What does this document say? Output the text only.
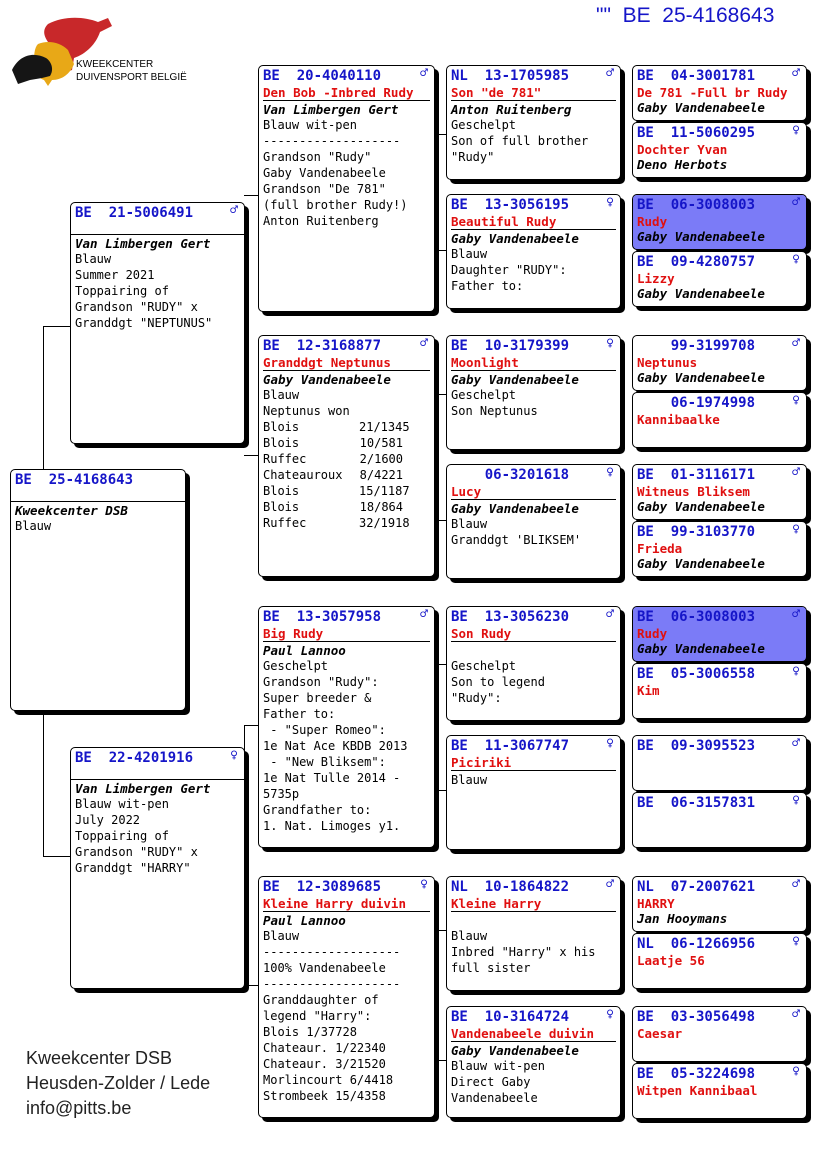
""  BE  25-4168643
KWEEKCENTER
DUIVENSPORT BELGIË
BE  25-4168643
Kweekcenter DSB
Blauw
BE  21-5006491	♂
Van Limbergen Gert
Blauw
Summer 2021
Toppairing of
Grandson "RUDY" x
Granddgt "NEPTUNUS"
BE  22-4201916	♀
Van Limbergen Gert
Blauw wit-pen
July 2022
Toppairing of
Grandson "RUDY" x
Granddgt "HARRY"
BE  20-4040110	♂
Den Bob -Inbred Rudy
Van Limbergen Gert
Blauw wit-pen
-------------------
Grandson "Rudy"
Gaby Vandenabeele
Grandson "De 781"
(full brother Rudy!)
Anton Ruitenberg
BE  12-3168877	♂
Granddgt Neptunus
Gaby Vandenabeele
Blauw
Neptunus won
Blois	21/1345
Blois	10/581
Ruffec	2/1600
Chateauroux	8/4221
Blois	15/1187
Blois	18/864
Ruffec	32/1918
BE  13-3057958	♂
Big Rudy
Paul Lannoo
Geschelpt
Grandson "Rudy":
Super breeder &
Father to:
- "Super Romeo":
1e Nat Ace KBDB 2013
- "New Bliksem":
1e Nat Tulle 2014 -
5735p
Grandfather to:
1. Nat. Limoges y1.
BE  12-3089685	♀
Kleine Harry duivin
Paul Lannoo
Blauw
-------------------
100% Vandenabeele
-------------------
Granddaughter of
legend "Harry":
Blois 1/37728
Chateaur. 1/22340
Chateaur. 3/21520
Morlincourt 6/4418
Strombeek 15/4358
NL  13-1705985	♂
Son "de 781"
Anton Ruitenberg
Geschelpt
Son of full brother
"Rudy"
BE  13-3056195	♀
Beautiful Rudy
Gaby Vandenabeele
Blauw
Daughter "RUDY":
Father to:
BE  10-3179399	♀
Moonlight
Gaby Vandenabeele
Geschelpt
Son Neptunus
06-3201618	♀
Lucy
Gaby Vandenabeele
Blauw
Granddgt 'BLIKSEM'
BE  13-3056230	♂
Son Rudy
Geschelpt
Son to legend
"Rudy":
BE  11-3067747	♀
Piciriki
Blauw
NL  10-1864822	♂
Kleine Harry
Blauw
Inbred "Harry" x his
full sister
BE  10-3164724	♀
Vandenabeele duivin
Gaby Vandenabeele
Blauw wit-pen
Direct Gaby
Vandenabeele
BE  04-3001781	♂
De 781 -Full br Rudy
Gaby Vandenabeele
BE  11-5060295	♀
Dochter Yvan
Deno Herbots
BE  06-3008003	♂
Rudy
Gaby Vandenabeele
BE  09-4280757	♀
Lizzy
Gaby Vandenabeele
99-3199708	♂
Neptunus
Gaby Vandenabeele
06-1974998	♀
Kannibaalke
BE  01-3116171	♂
Witneus Bliksem
Gaby Vandenabeele
BE  99-3103770	♀
Frieda
Gaby Vandenabeele
BE  06-3008003	♂
Rudy
Gaby Vandenabeele
BE  05-3006558	♀
Kim
BE  09-3095523	♂
BE  06-3157831	♀
NL  07-2007621	♂
HARRY
Jan Hooymans
NL  06-1266956	♀
Laatje 56
BE  03-3056498	♂
Caesar
BE  05-3224698	♀
Witpen Kannibaal
Kweekcenter DSB
Heusden-Zolder / Lede
info@pitts.be
